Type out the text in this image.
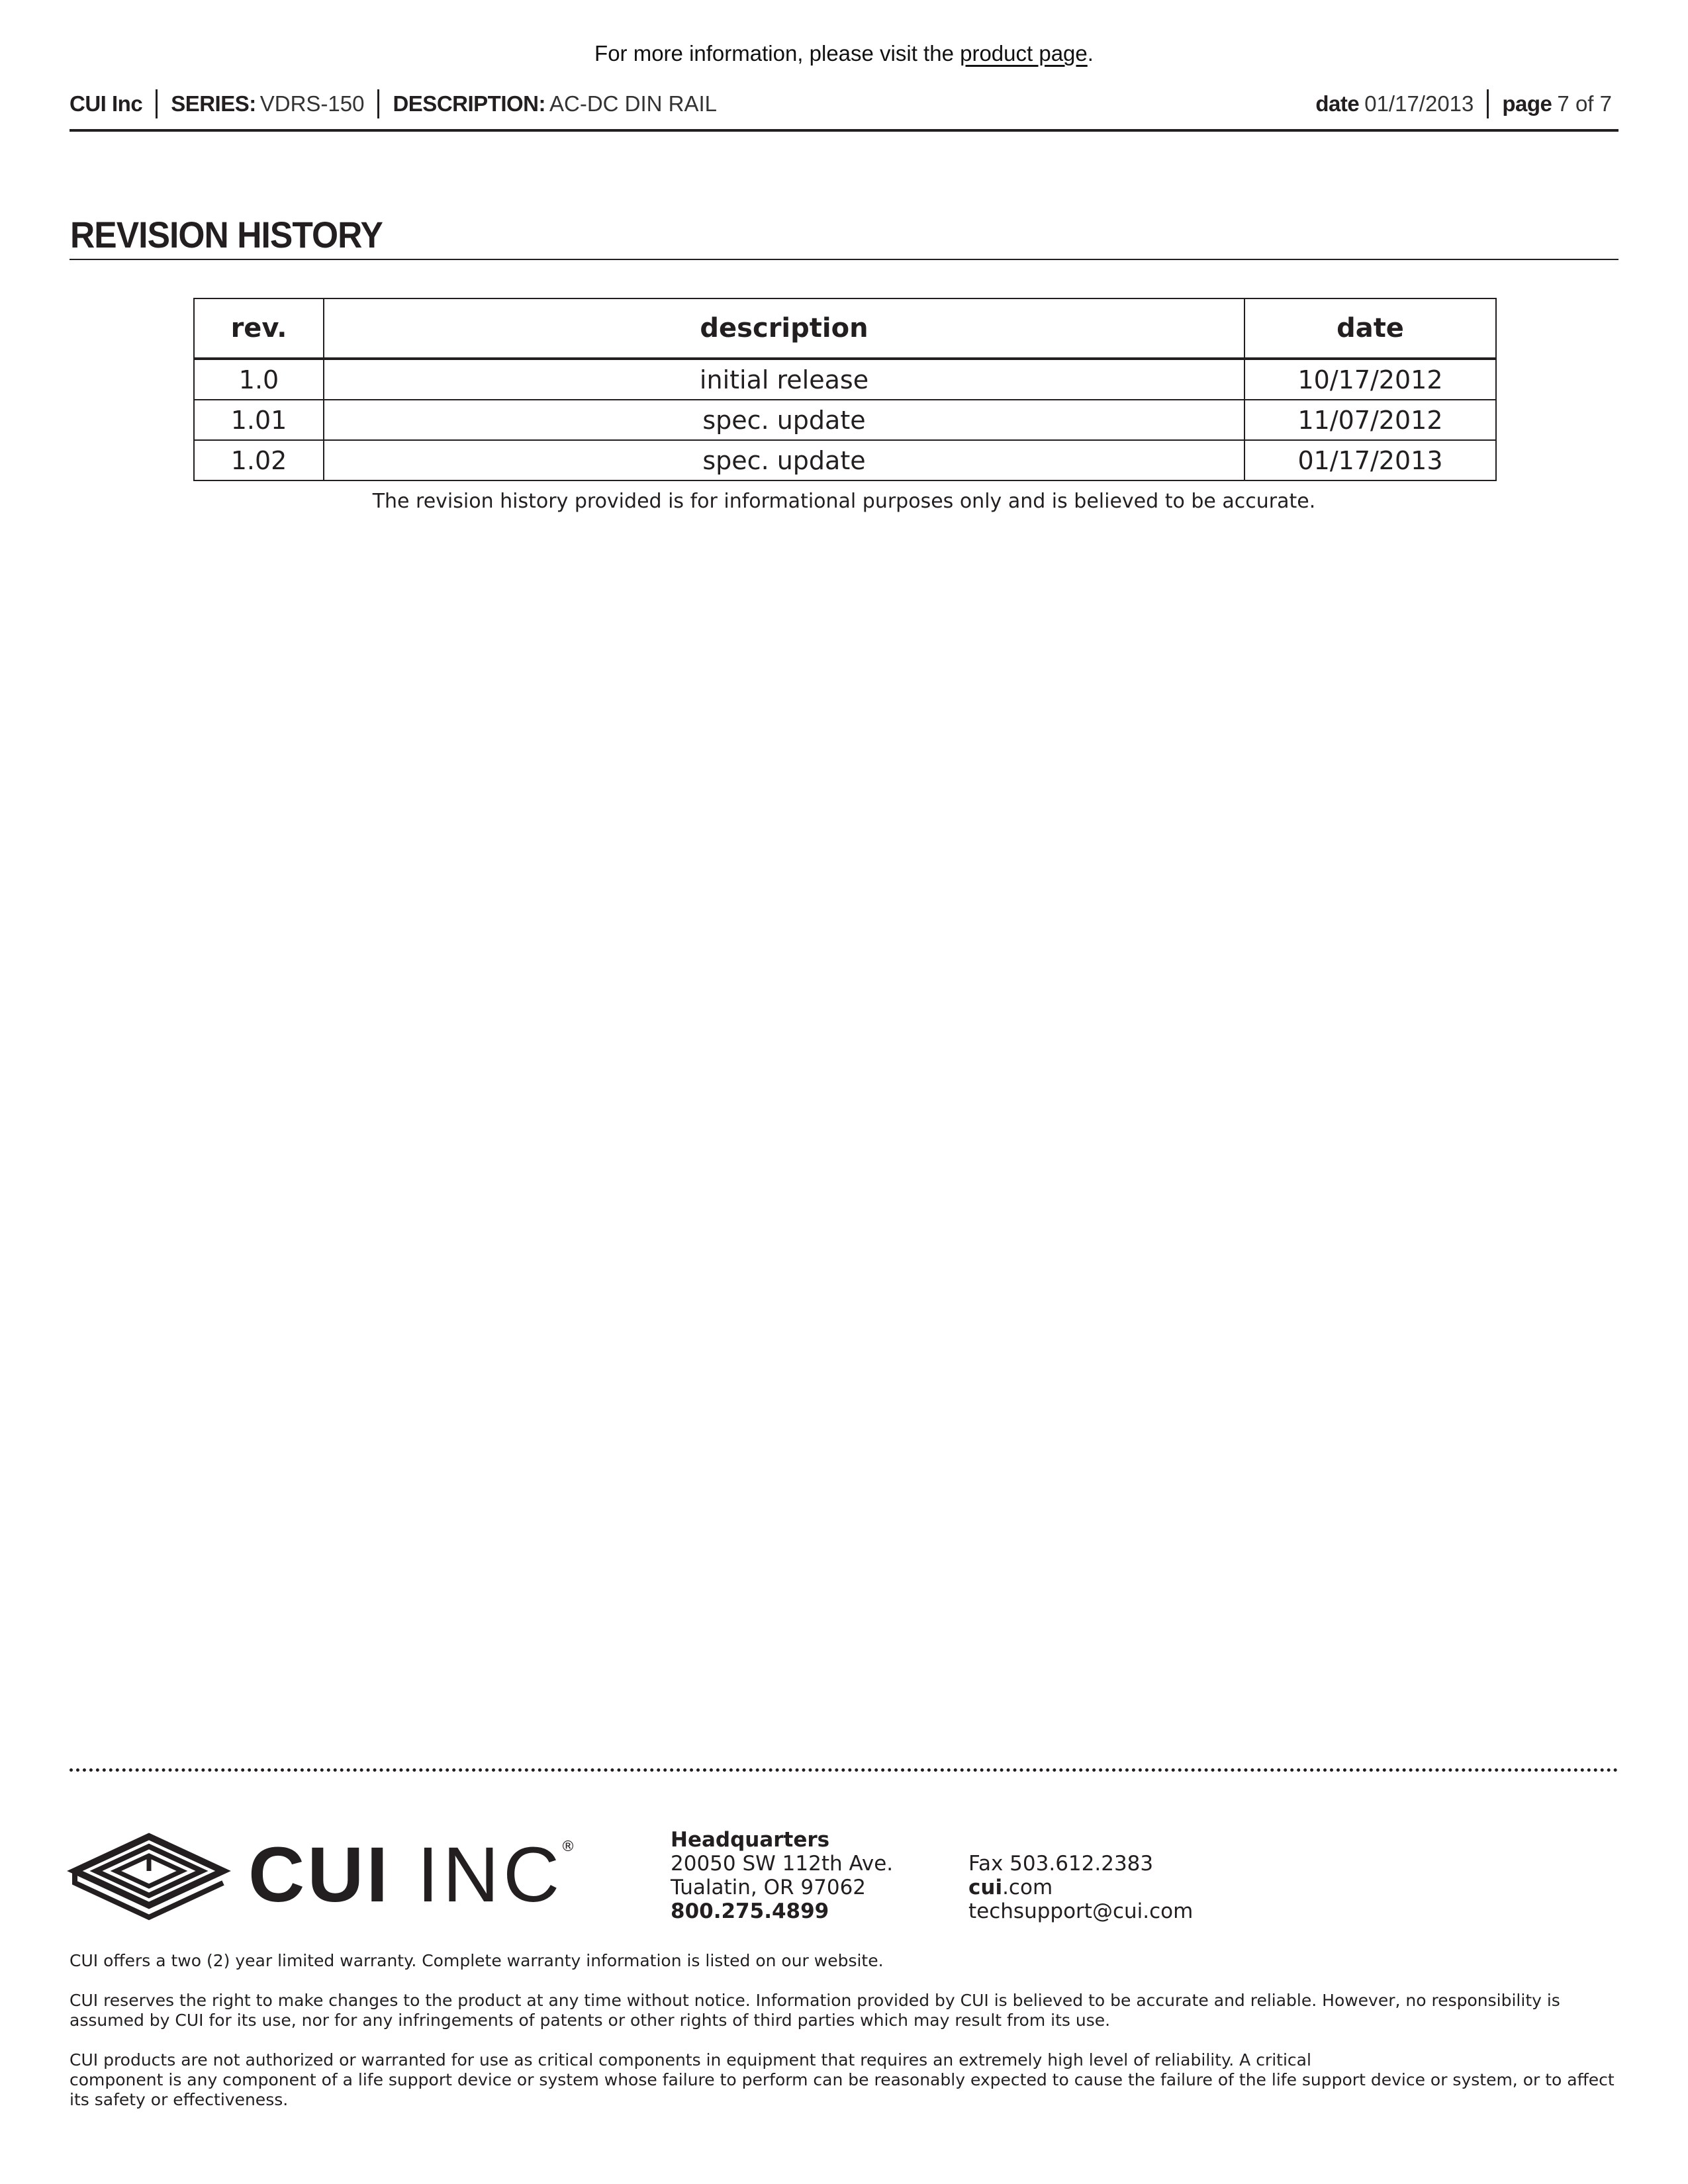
For more information, please visit the product page.
CUI Inc SERIES: VDRS-150 DESCRIPTION: AC-DC DIN RAIL	date 01/17/2013 page 7 of 7
REVISION HISTORY
rev.	description	date
1.0	initial release	10/17/2012
1.01	spec. update	11/07/2012
1.02	spec. update	01/17/2013
The revision history provided is for informational purposes only and is believed to be accurate.
CUI INC
®	Headquarters
20050 SW 112th Ave.
Tualatin, OR 97062
800.275.4899
Fax 503.612.2383
cui.com
techsupport@cui.com
CUI offers a two (2) year limited warranty. Complete warranty information is listed on our website.
CUI reserves the right to make changes to the product at any time without notice. Information provided by CUI is believed to be accurate and reliable. However, no responsibility is assumed by CUI for its use, nor for any infringements of patents or other rights of third parties which may result from its use.
CUI products are not authorized or warranted for use as critical components in equipment that requires an extremely high level of reliability. A critical
component is any component of a life support device or system whose failure to perform can be reasonably expected to cause the failure of the life support device or system, or to affect its safety or effectiveness.
